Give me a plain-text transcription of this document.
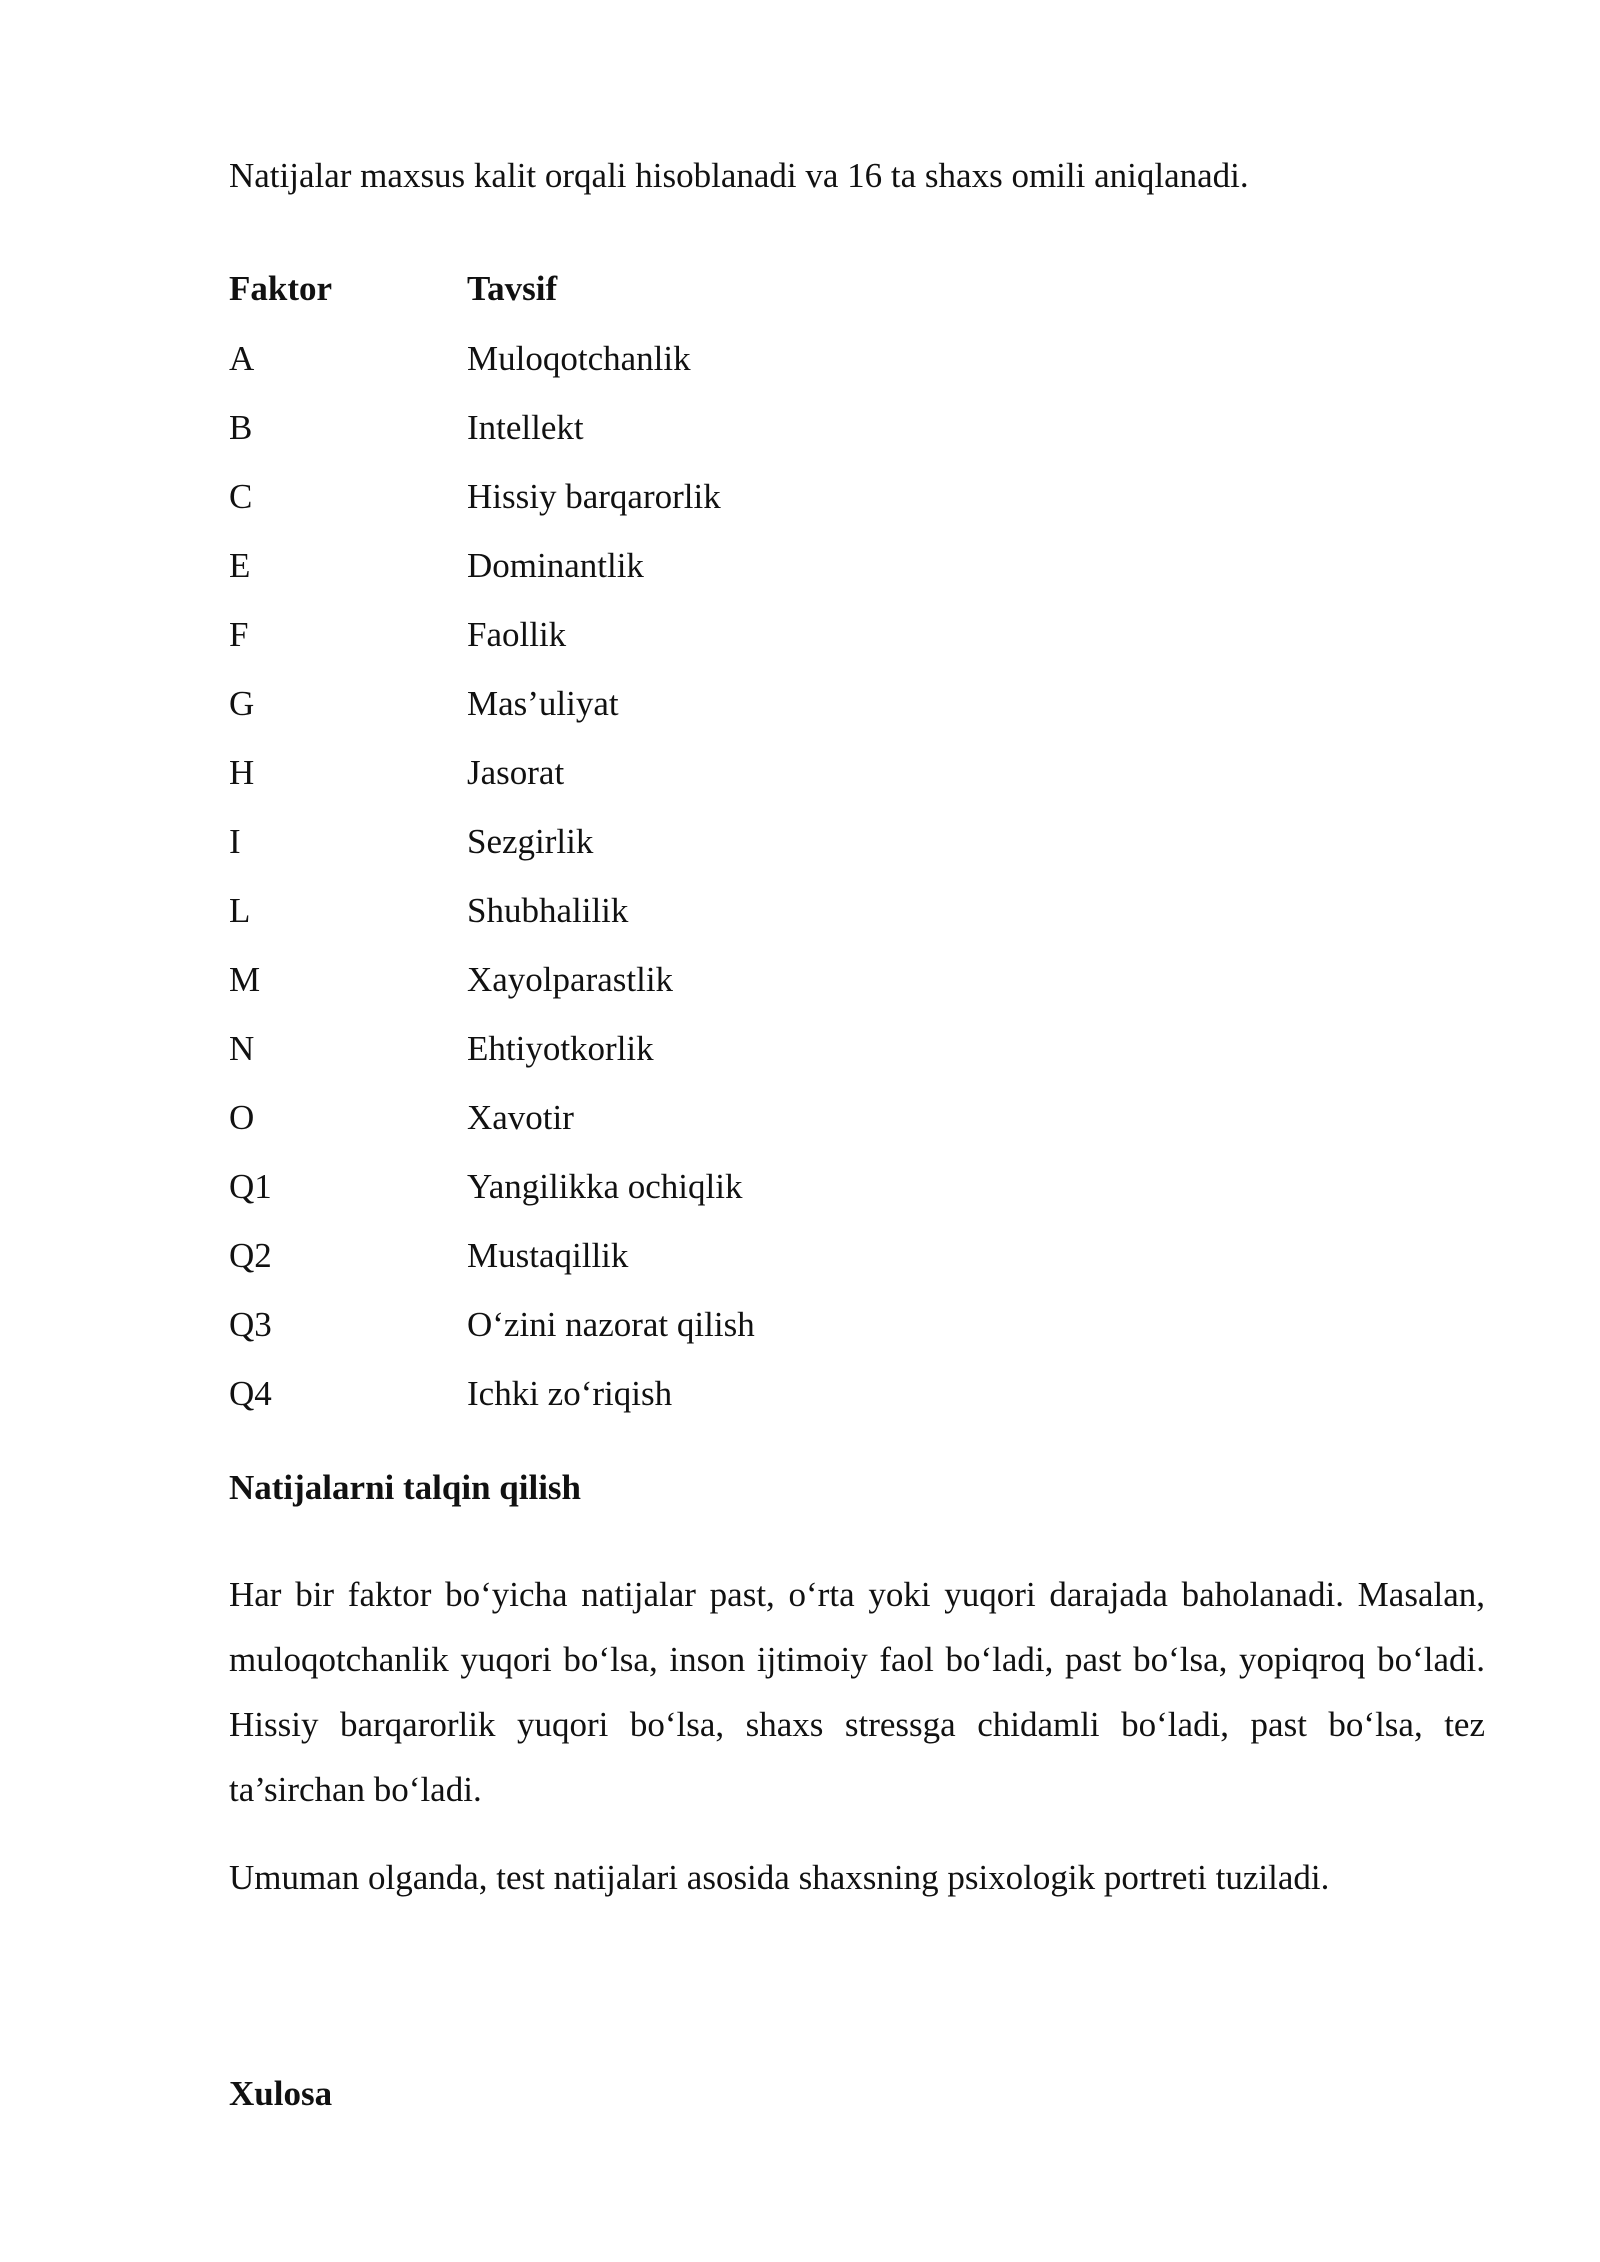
Natijalar maxsus kalit orqali hisoblanadi va 16 ta shaxs omili aniqlanadi.

Faktor	Tavsif
A	Muloqotchanlik
B	Intellekt
C	Hissiy barqarorlik
E	Dominantlik
F	Faollik
G	Mas’uliyat
H	Jasorat
I	Sezgirlik
L	Shubhalilik
M	Xayolparastlik
N	Ehtiyotkorlik
O	Xavotir
Q1	Yangilikka ochiqlik
Q2	Mustaqillik
Q3	O‘zini nazorat qilish
Q4	Ichki zo‘riqish
Natijalarni talqin qilish

Har bir faktor bo‘yicha natijalar past, o‘rta yoki yuqori darajada baholanadi. Masalan, muloqotchanlik yuqori bo‘lsa, inson ijtimoiy faol bo‘ladi, past bo‘lsa, yopiqroq bo‘ladi. Hissiy barqarorlik yuqori bo‘lsa, shaxs stressga chidamli bo‘ladi, past bo‘lsa, tez ta’sirchan bo‘ladi.

Umuman olganda, test natijalari asosida shaxsning psixologik portreti tuziladi.

Xulosa
